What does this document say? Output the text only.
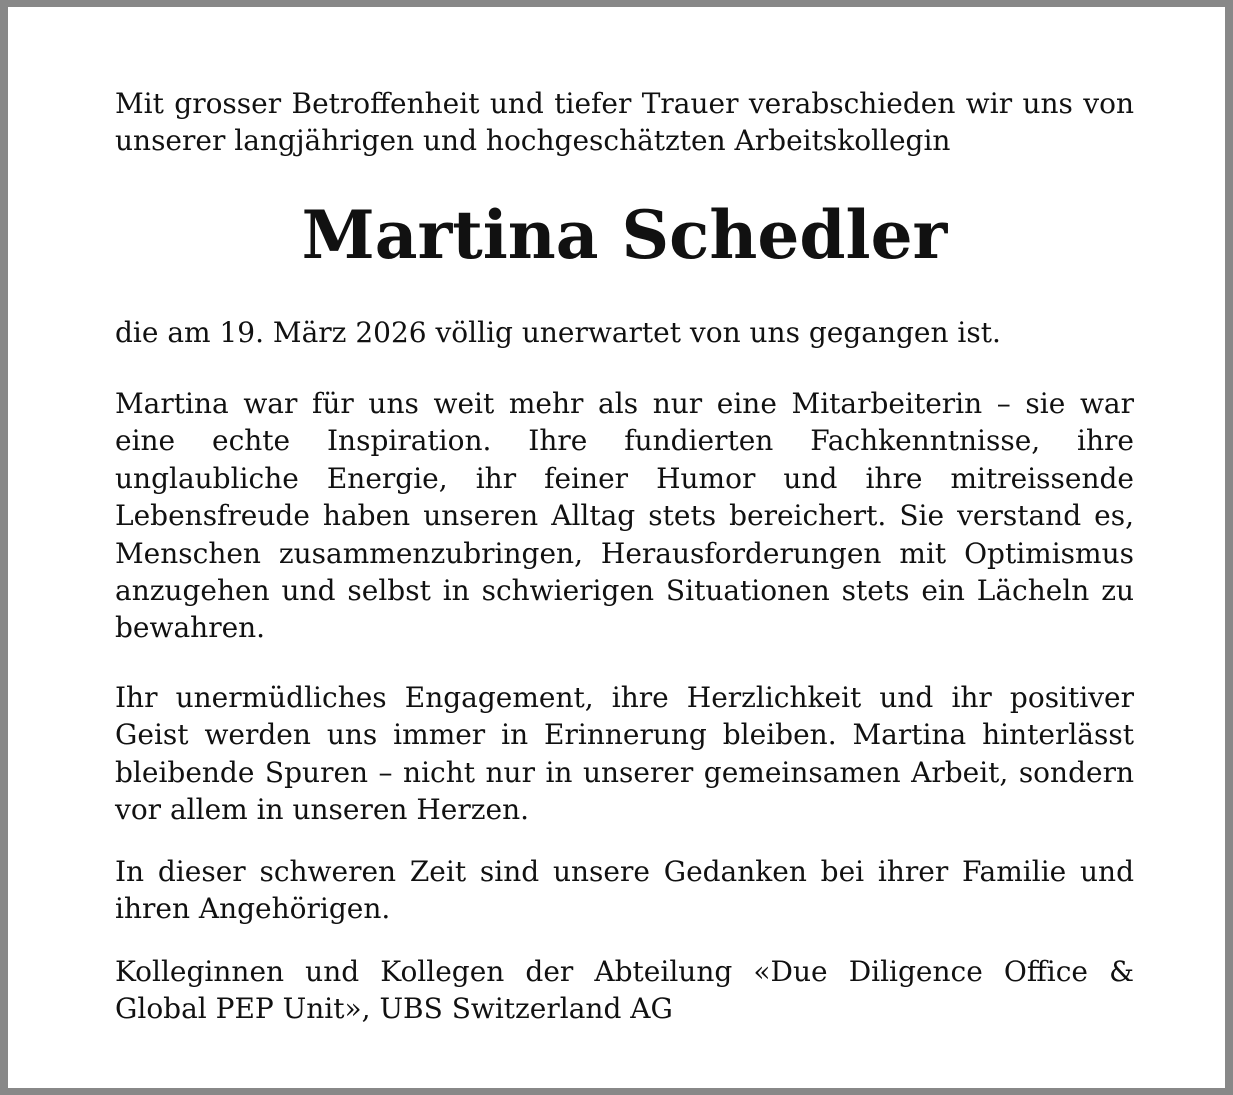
Mit grosser Betroffenheit und tiefer Trauer verabschieden wir uns von unserer langjährigen und hochgeschätzten Arbeitskollegin

Martina Schedler

die am 19. März 2026 völlig unerwartet von uns gegangen ist.

Martina war für uns weit mehr als nur eine Mitarbeiterin – sie war eine echte Inspiration. Ihre fundierten Fachkenntnisse, ihre unglaubliche Energie, ihr feiner Humor und ihre mitreissende Lebensfreude haben unseren Alltag stets bereichert. Sie verstand es, Menschen zusammenzubringen, Herausforderungen mit Optimismus anzugehen und selbst in schwierigen Situationen stets ein Lächeln zu bewahren.

Ihr unermüdliches Engagement, ihre Herzlichkeit und ihr positiver Geist werden uns immer in Erinnerung bleiben. Martina hinterlässt bleibende Spuren – nicht nur in unserer gemeinsamen Arbeit, sondern vor allem in unseren Herzen.

In dieser schweren Zeit sind unsere Gedanken bei ihrer Familie und ihren Angehörigen.

Kolleginnen und Kollegen der Abteilung «Due Diligence Office & Global PEP Unit», UBS Switzerland AG
